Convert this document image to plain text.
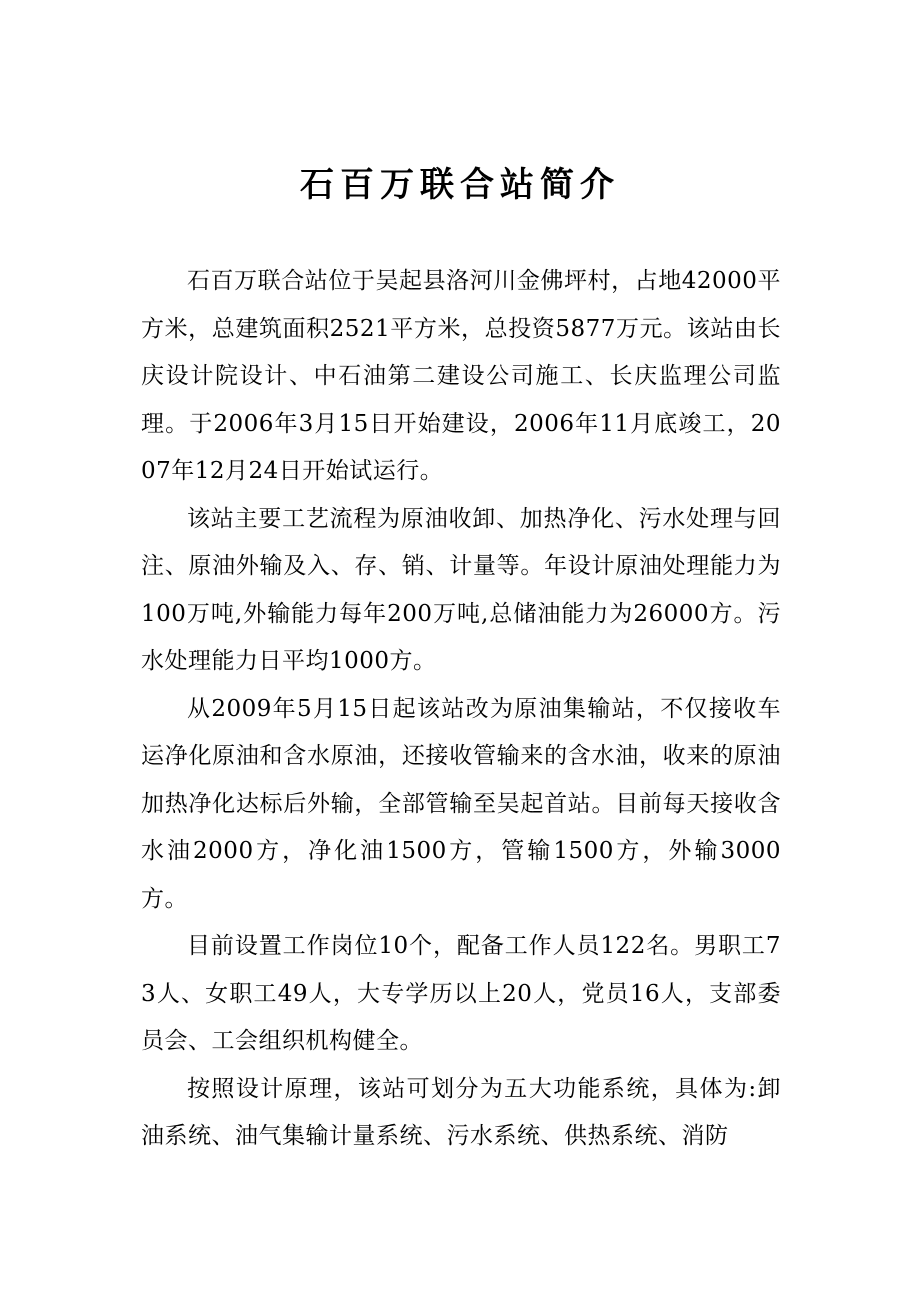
石百万联合站简介

石百万联合站位于吴起县洛河川金佛坪村，占地42000平方米，总建筑面积2521平方米，总投资5877万元。该站由长庆设计院设计、中石油第二建设公司施工、长庆监理公司监理。于2006年3月15日开始建设，2006年11月底竣工，2007年12月24日开始试运行。

该站主要工艺流程为原油收卸、加热净化、污水处理与回注、原油外输及入、存、销、计量等。年设计原油处理能力为100万吨,外输能力每年200万吨,总储油能力为26000方。污水处理能力日平均1000方。

从2009年5月15日起该站改为原油集输站，不仅接收车运净化原油和含水原油，还接收管输来的含水油，收来的原油加热净化达标后外输，全部管输至吴起首站。目前每天接收含水油2000方，净化油1500方，管输1500方，外输3000方。

目前设置工作岗位10个，配备工作人员122名。男职工73人、女职工49人，大专学历以上20人，党员16人，支部委员会、工会组织机构健全。

按照设计原理，该站可划分为五大功能系统，具体为:卸油系统、油气集输计量系统、污水系统、供热系统、消防
